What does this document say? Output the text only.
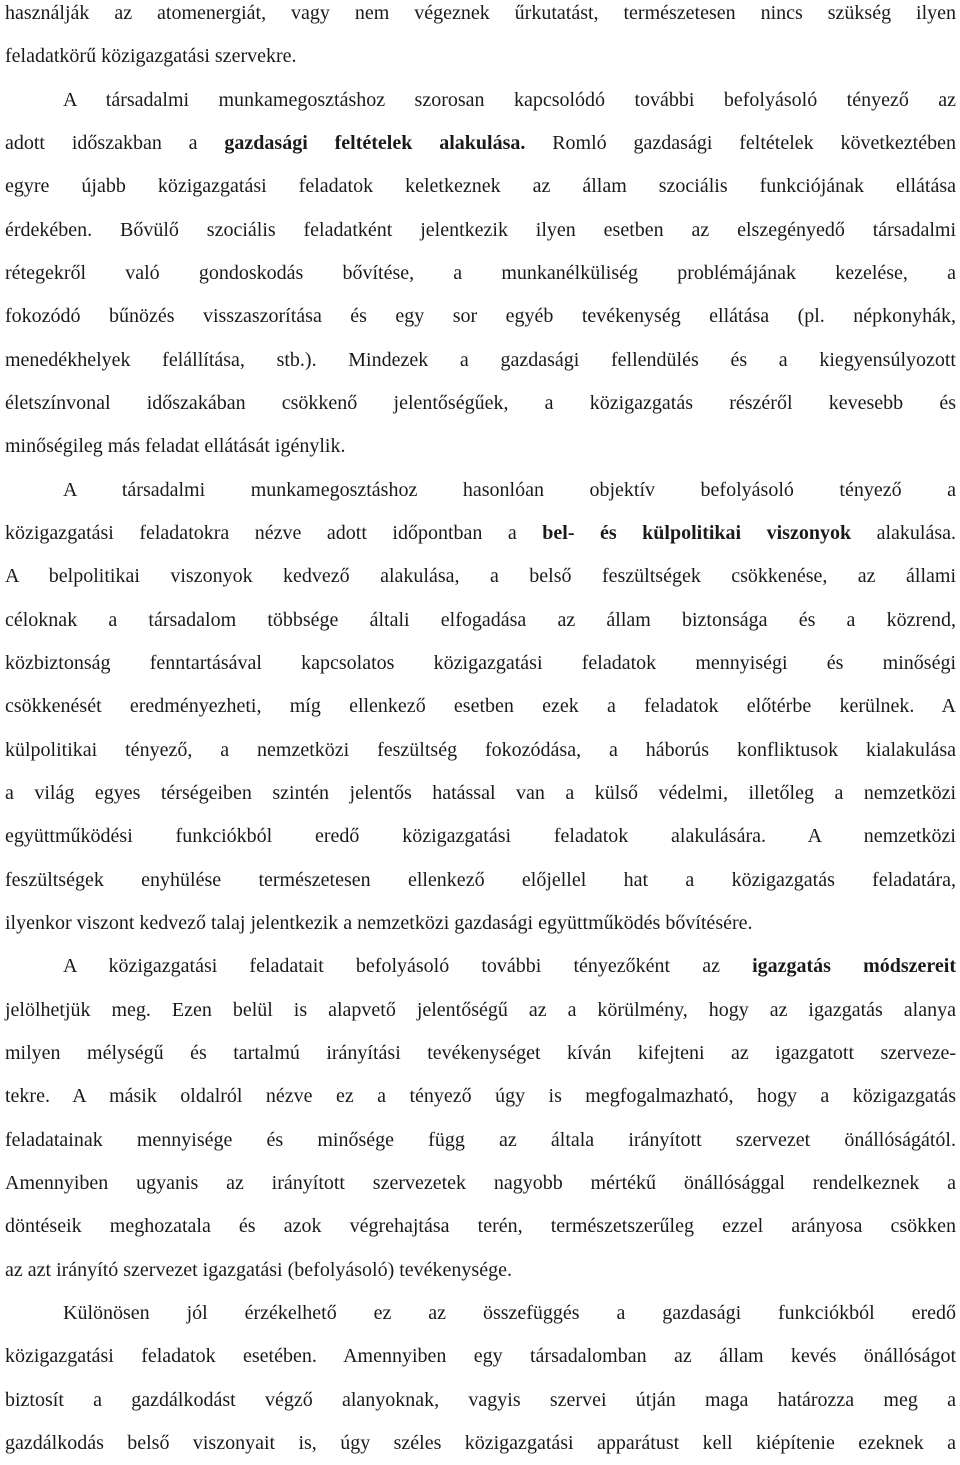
használják az atomenergiát, vagy nem végeznek űrkutatást, természetesen nincs szükség ilyen
feladatkörű közigazgatási szervekre.
A társadalmi munkamegosztáshoz szorosan kapcsolódó további befolyásoló tényező az
adott időszakban a gazdasági feltételek alakulása. Romló gazdasági feltételek következtében
egyre újabb közigazgatási feladatok keletkeznek az állam szociális funkciójának ellátása
érdekében. Bővülő szociális feladatként jelentkezik ilyen esetben az elszegényedő társadalmi
rétegekről való gondoskodás bővítése, a munkanélküliség problémájának kezelése, a
fokozódó bűnözés visszaszorítása és egy sor egyéb tevékenység ellátása (pl. népkonyhák,
menedékhelyek felállítása, stb.). Mindezek a gazdasági fellendülés és a kiegyensúlyozott
életszínvonal időszakában csökkenő jelentőségűek, a közigazgatás részéről kevesebb és
minőségileg más feladat ellátását igénylik.
A társadalmi munkamegosztáshoz hasonlóan objektív befolyásoló tényező a
közigazgatási feladatokra nézve adott időpontban a bel- és külpolitikai viszonyok alakulása.
A belpolitikai viszonyok kedvező alakulása, a belső feszültségek csökkenése, az állami
céloknak a társadalom többsége általi elfogadása az állam biztonsága és a közrend,
közbiztonság fenntartásával kapcsolatos közigazgatási feladatok mennyiségi és minőségi
csökkenését eredményezheti, míg ellenkező esetben ezek a feladatok előtérbe kerülnek. A
külpolitikai tényező, a nemzetközi feszültség fokozódása, a háborús konfliktusok kialakulása
a világ egyes térségeiben szintén jelentős hatással van a külső védelmi, illetőleg a nemzetközi
együttműködési funkciókból eredő közigazgatási feladatok alakulására. A nemzetközi
feszültségek enyhülése természetesen ellenkező előjellel hat a közigazgatás feladatára,
ilyenkor viszont kedvező talaj jelentkezik a nemzetközi gazdasági együttműködés bővítésére.
A közigazgatási feladatait befolyásoló további tényezőként az igazgatás módszereit
jelölhetjük meg. Ezen belül is alapvető jelentőségű az a körülmény, hogy az igazgatás alanya
milyen mélységű és tartalmú irányítási tevékenységet kíván kifejteni az igazgatott szerveze-
tekre. A másik oldalról nézve ez a tényező úgy is megfogalmazható, hogy a közigazgatás
feladatainak mennyisége és minősége függ az általa irányított szervezet önállóságától.
Amennyiben ugyanis az irányított szervezetek nagyobb mértékű önállósággal rendelkeznek a
döntéseik meghozatala és azok végrehajtása terén, természetszerűleg ezzel arányosa csökken
az azt irányító szervezet igazgatási (befolyásoló) tevékenysége.
Különösen jól érzékelhető ez az összefüggés a gazdasági funkciókból eredő
közigazgatási feladatok esetében. Amennyiben egy társadalomban az állam kevés önállóságot
biztosít a gazdálkodást végző alanyoknak, vagyis szervei útján maga határozza meg a
gazdálkodás belső viszonyait is, úgy széles közigazgatási apparátust kell kiépítenie ezeknek a
